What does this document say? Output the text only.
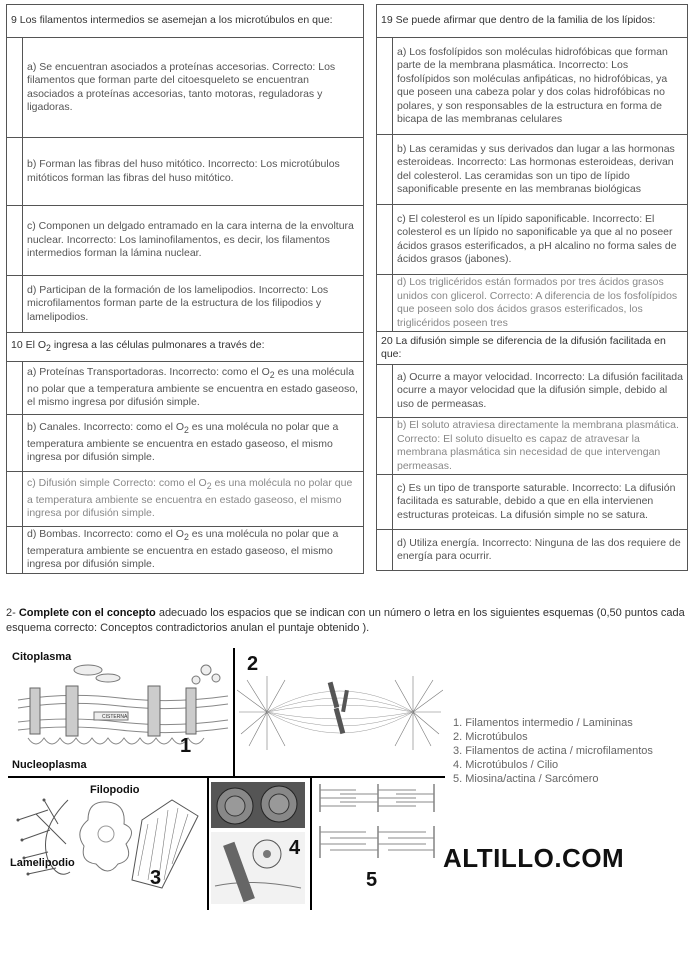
9 Los filamentos intermedios se asemejan a los microtúbulos en que:	
	a) Se encuentran asociados a proteínas accesorias. Correcto: Los filamentos que forman parte del citoesqueleto se encuentran asociados a proteínas accesorias, tanto motoras, reguladoras y ligadoras.
	b) Forman las fibras del huso mitótico. Incorrecto: Los microtúbulos mitóticos forman las fibras del huso mitótico.
	c) Componen un delgado entramado en la cara interna de la envoltura nuclear. Incorrecto: Los laminofilamentos, es decir, los filamentos intermedios forman la lámina nuclear.
	d) Participan de la formación de los lamelipodios. Incorrecto: Los microfilamentos forman parte de la estructura de los filipodios y lamelipodios.
10 El $O_2$ ingresa a las células pulmonares a través de:	
	a) Proteínas Transportadoras. Incorrecto: como el $O_2$ es una molécula no polar que a temperatura ambiente se encuentra en estado gaseoso, el mismo ingresa por difusión simple.
	b) Canales. Incorrecto: como el $O_2$ es una molécula no polar que a temperatura ambiente se encuentra en estado gaseoso, el mismo ingresa por difusión simple.
	c) Difusión simple Correcto: como el $O_2$ es una molécula no polar que a temperatura ambiente se encuentra en estado gaseoso, el mismo ingresa por difusión simple.
	d) Bombas. Incorrecto: como el $O_2$ es una molécula no polar que a temperatura ambiente se encuentra en estado gaseoso, el mismo ingresa por difusión simple.
19 Se puede afirmar que dentro de la familia de los lípidos:	
	a) Los fosfolípidos son moléculas hidrofóbicas que forman parte de la membrana plasmática. Incorrecto: Los fosfolípidos son moléculas anfipáticas, no hidrofóbicas, ya que poseen una cabeza polar y dos colas hidrofóbicas no polares, y son responsables de la estructura en forma de bicapa de las membranas celulares
	b) Las ceramidas y sus derivados dan lugar a las hormonas esteroideas. Incorrecto: Las hormonas esteroideas, derivan del colesterol. Las ceramidas son un tipo de lípido saponificable presente en las membranas biológicas
	c) El colesterol es un lípido saponificable. Incorrecto: El colesterol es un lípido no saponificable ya que al no poseer ácidos grasos esterificados, a pH alcalino no forma sales de ácidos grasos (jabones).
	d) Los triglicéridos están formados por tres ácidos grasos unidos con glicerol. Correcto: A diferencia de los fosfolípidos que poseen solo dos ácidos grasos esterificados, los triglicéridos poseen tres
20 La difusión simple se diferencia de la difusión facilitada en que:	
	a) Ocurre a mayor velocidad. Incorrecto: La difusión facilitada ocurre a mayor velocidad que la difusión simple, debido al uso de permeasas.
	b) El soluto atraviesa directamente la membrana plasmática. Correcto: El soluto disuelto es capaz de atravesar la membrana plasmática sin necesidad de que intervengan permeasas.
	c) Es un tipo de transporte saturable. Incorrecto: La difusión facilitada es saturable, debido a que en ella intervienen estructuras proteicas. La difusión simple no se satura.
	d) Utiliza energía. Incorrecto: Ninguna de las dos requiere de energía para ocurrir.
2- Complete con el concepto adecuado los espacios que se indican con un número o letra en los siguientes esquemas (0,50 puntos cada esquema correcto: Conceptos contradictorios anulan el puntaje obtenido ).
CISTERNA
Citoplasma
Nucleoplasma
1
2
1. Filamentos intermedio / Lamininas
2. Microtúbulos
3. Filamentos de actina / microfilamentos
4. Microtúbulos / Cilio
5. Miosina/actina / Sarcómero
Filopodio
Lamelipodio
3
4
5
ALTILLO.COM
